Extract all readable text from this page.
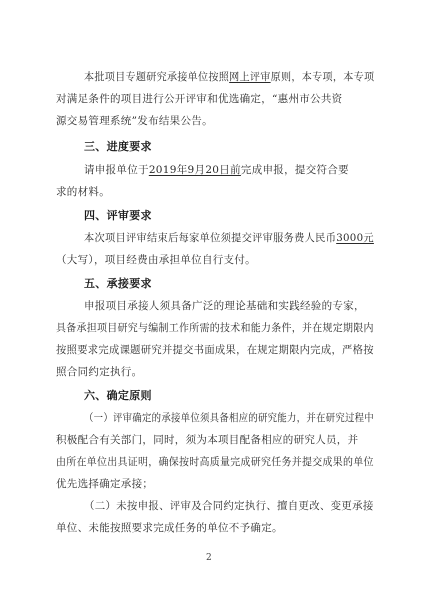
本批项目专题研究承接单位按照网上评审原则，本专项，本专项
对满足条件的项目进行公开评审和优选确定，“惠州市公共资
源交易管理系统”发布结果公告。
三、进度要求
请申报单位于2019年9月20日前完成申报，提交符合要
求的材料。
四、评审要求
本次项目评审结束后每家单位须提交评审服务费人民币3000元
（大写），项目经费由承担单位自行支付。
五、承接要求
申报项目承接人须具备广泛的理论基础和实践经验的专家，
具备承担项目研究与编制工作所需的技术和能力条件，并在规定期限内
按照要求完成课题研究并提交书面成果，在规定期限内完成，严格按
照合同约定执行。
六、确定原则
（一）评审确定的承接单位须具备相应的研究能力，并在研究过程中
积极配合有关部门，同时，须为本项目配备相应的研究人员，并
由所在单位出具证明，确保按时高质量完成研究任务并提交成果的单位
优先选择确定承接；
（二）未按申报、评审及合同约定执行、擅自更改、变更承接
单位、未能按照要求完成任务的单位不予确定。
2
